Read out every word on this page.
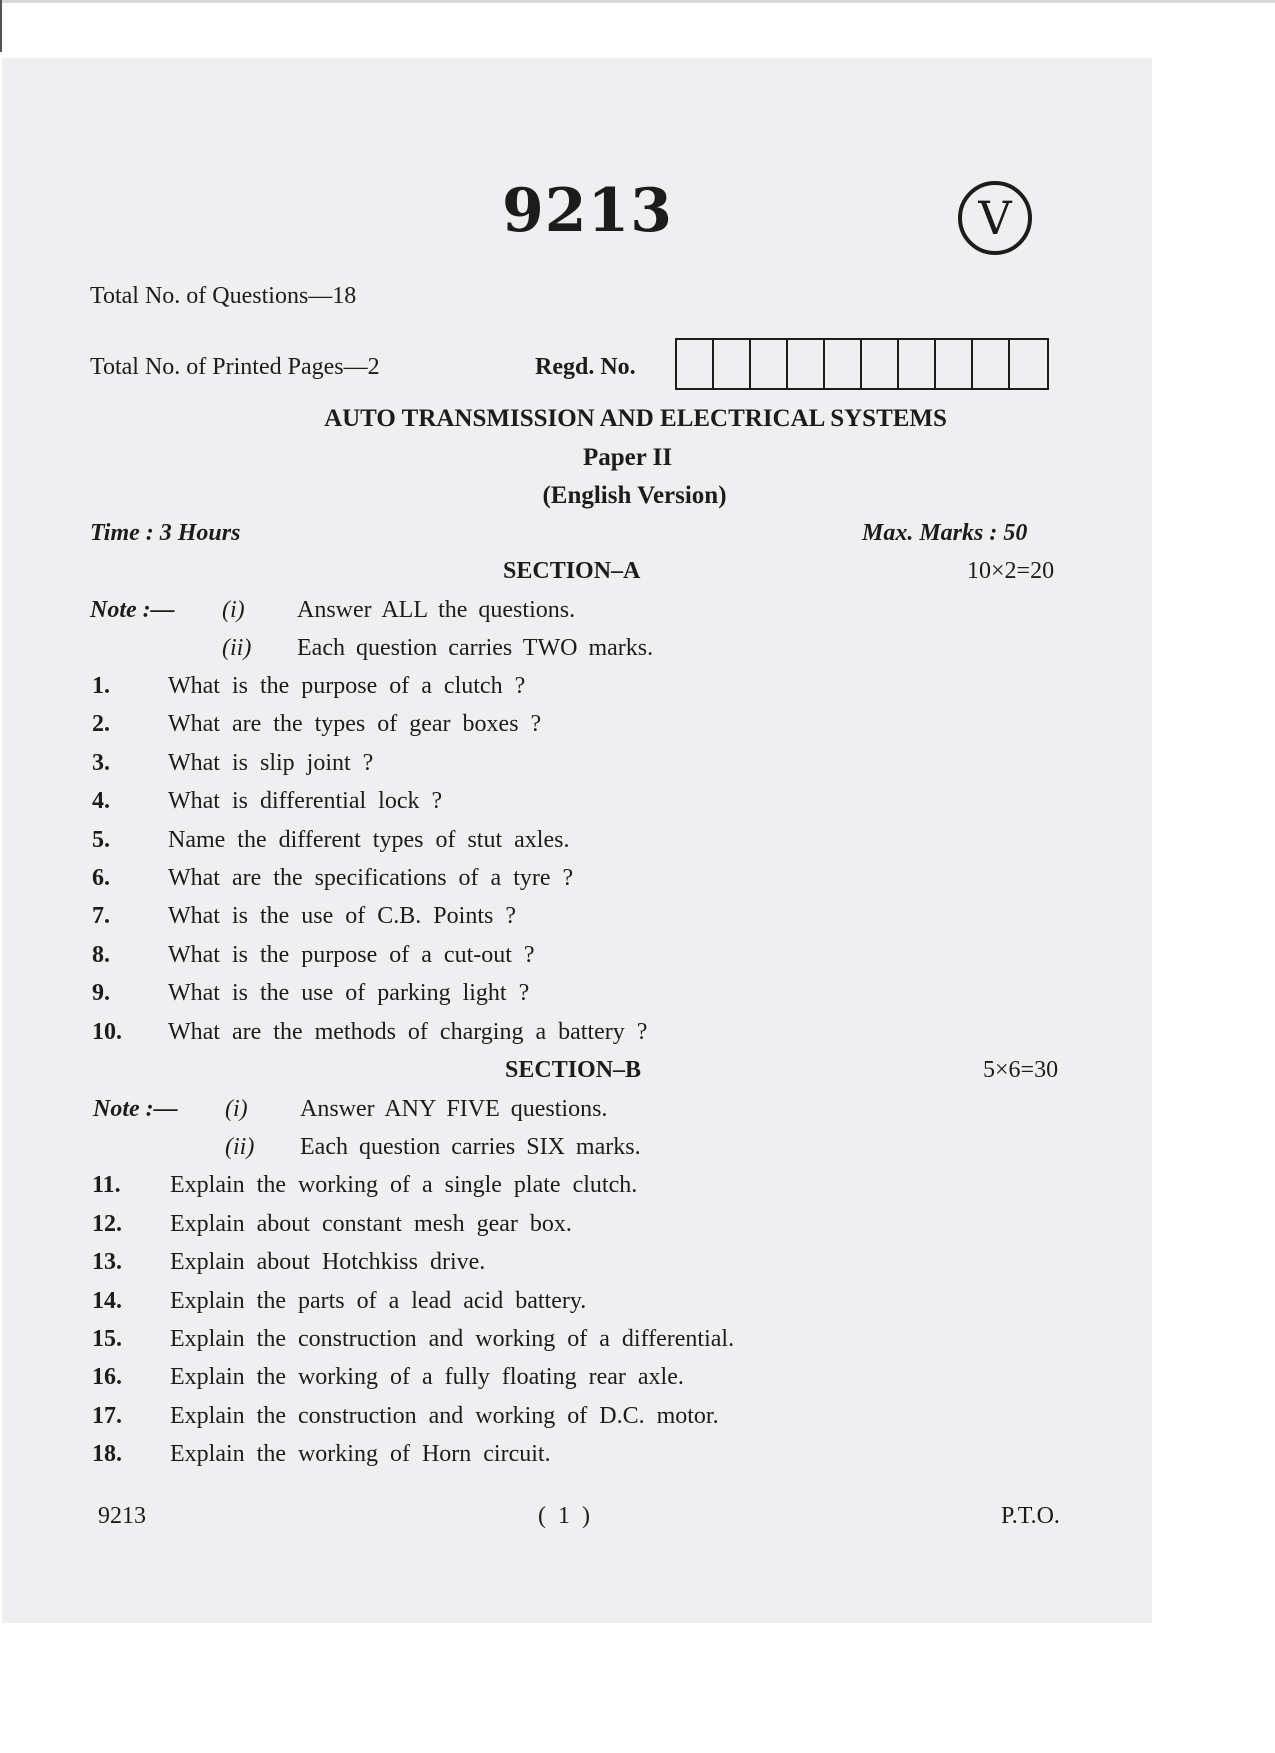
9213	V
Total No. of Questions—18
Total No. of Printed Pages—2	Regd. No.
AUTO TRANSMISSION AND ELECTRICAL SYSTEMS
Paper II
(English Version)
Time : 3 Hours	Max. Marks : 50
SECTION–A	10×2=20
Note :— (i) Answer ALL the questions.
(ii) Each question carries TWO marks.
1. What is the purpose of a clutch ?
2. What are the types of gear boxes ?
3. What is slip joint ?
4. What is differential lock ?
5. Name the different types of stut axles.
6. What are the specifications of a tyre ?
7. What is the use of C.B. Points ?
8. What is the purpose of a cut-out ?
9. What is the use of parking light ?
10. What are the methods of charging a battery ?
SECTION–B	5×6=30
Note :— (i) Answer ANY FIVE questions.
(ii) Each question carries SIX marks.
11. Explain the working of a single plate clutch.
12. Explain about constant mesh gear box.
13. Explain about Hotchkiss drive.
14. Explain the parts of a lead acid battery.
15. Explain the construction and working of a differential.
16. Explain the working of a fully floating rear axle.
17. Explain the construction and working of D.C. motor.
18. Explain the working of Horn circuit.
9213	( 1 )	P.T.O.
